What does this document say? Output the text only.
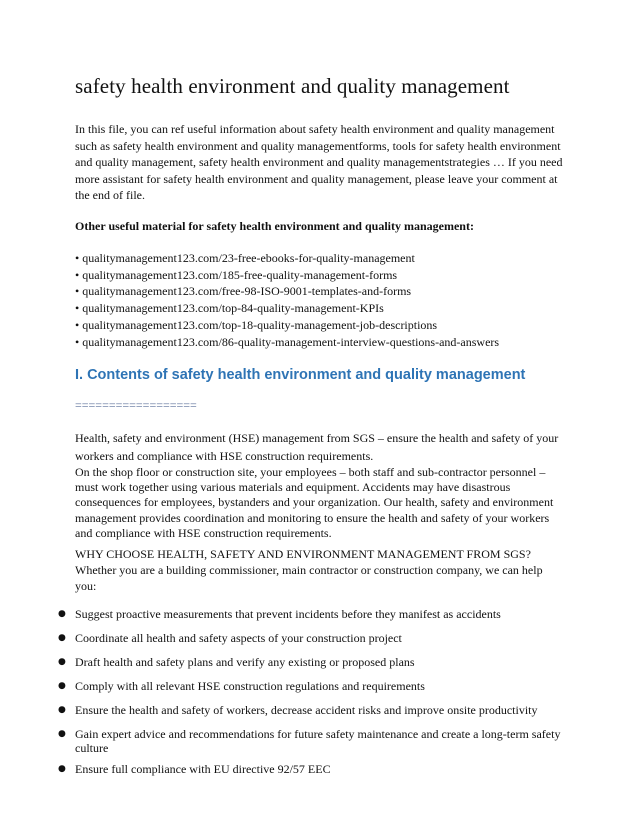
safety health environment and quality management
In this file, you can ref useful information about safety health environment and quality management such as safety health environment and quality managementforms, tools for safety health environment and quality management, safety health environment and quality managementstrategies … If you need more assistant for safety health environment and quality management, please leave your comment at the end of file.
Other useful material for safety health environment and quality management:
• qualitymanagement123.com/23-free-ebooks-for-quality-management
• qualitymanagement123.com/185-free-quality-management-forms
• qualitymanagement123.com/free-98-ISO-9001-templates-and-forms
• qualitymanagement123.com/top-84-quality-management-KPIs
• qualitymanagement123.com/top-18-quality-management-job-descriptions
• qualitymanagement123.com/86-quality-management-interview-questions-and-answers
I. Contents of safety health environment and quality management
==================
Health, safety and environment (HSE) management from SGS – ensure the health and safety of your workers and compliance with HSE construction requirements.
On the shop floor or construction site, your employees – both staff and sub-contractor personnel – must work together using various materials and equipment. Accidents may have disastrous consequences for employees, bystanders and your organization. Our health, safety and environment management provides coordination and monitoring to ensure the health and safety of your workers and compliance with HSE construction requirements.
WHY CHOOSE HEALTH, SAFETY AND ENVIRONMENT MANAGEMENT FROM SGS?
Whether you are a building commissioner, main contractor or construction company, we can help you:
● Suggest proactive measurements that prevent incidents before they manifest as accidents
● Coordinate all health and safety aspects of your construction project
● Draft health and safety plans and verify any existing or proposed plans
● Comply with all relevant HSE construction regulations and requirements
● Ensure the health and safety of workers, decrease accident risks and improve onsite productivity
● Gain expert advice and recommendations for future safety maintenance and create a long-term safety culture
● Ensure full compliance with EU directive 92/57 EEC
